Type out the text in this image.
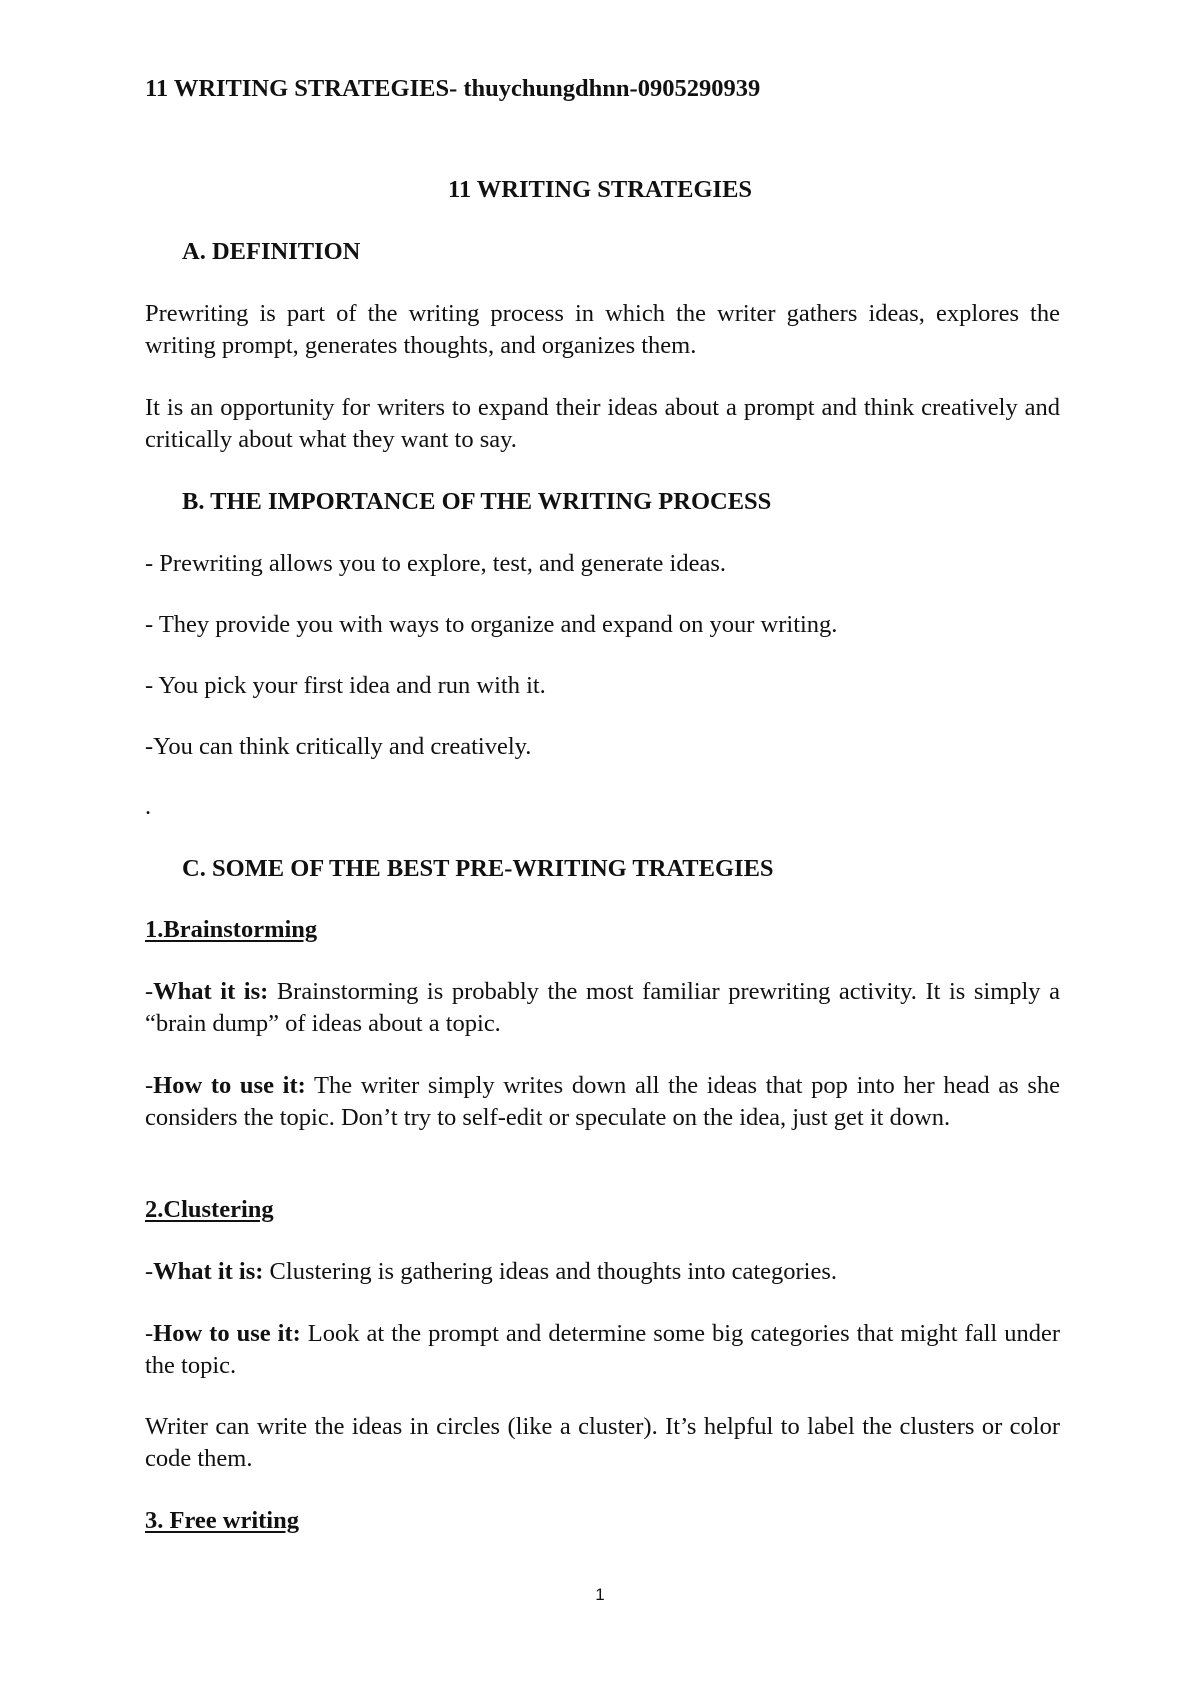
11 WRITING STRATEGIES- thuychungdhnn-0905290939
11 WRITING STRATEGIES
A. DEFINITION
Prewriting is part of the writing process in which the writer gathers ideas, explores the writing prompt, generates thoughts, and organizes them.
It is an opportunity for writers to expand their ideas about a prompt and think creatively and critically about what they want to say.
B. THE IMPORTANCE OF THE WRITING PROCESS
- Prewriting allows you to explore, test, and generate ideas.
- They provide you with ways to organize and expand on your writing.
- You pick your first idea and run with it.
-You can think critically and creatively.
.
C. SOME OF THE BEST PRE-WRITING TRATEGIES
1.Brainstorming
-What it is: Brainstorming is probably the most familiar prewriting activity. It is simply a “brain dump” of ideas about a topic.
-How to use it: The writer simply writes down all the ideas that pop into her head as she considers the topic. Don’t try to self-edit or speculate on the idea, just get it down.
2.Clustering
-What it is: Clustering is gathering ideas and thoughts into categories.
-How to use it: Look at the prompt and determine some big categories that might fall under the topic.
Writer can write the ideas in circles (like a cluster). It’s helpful to label the clusters or color code them.
3. Free writing
1
